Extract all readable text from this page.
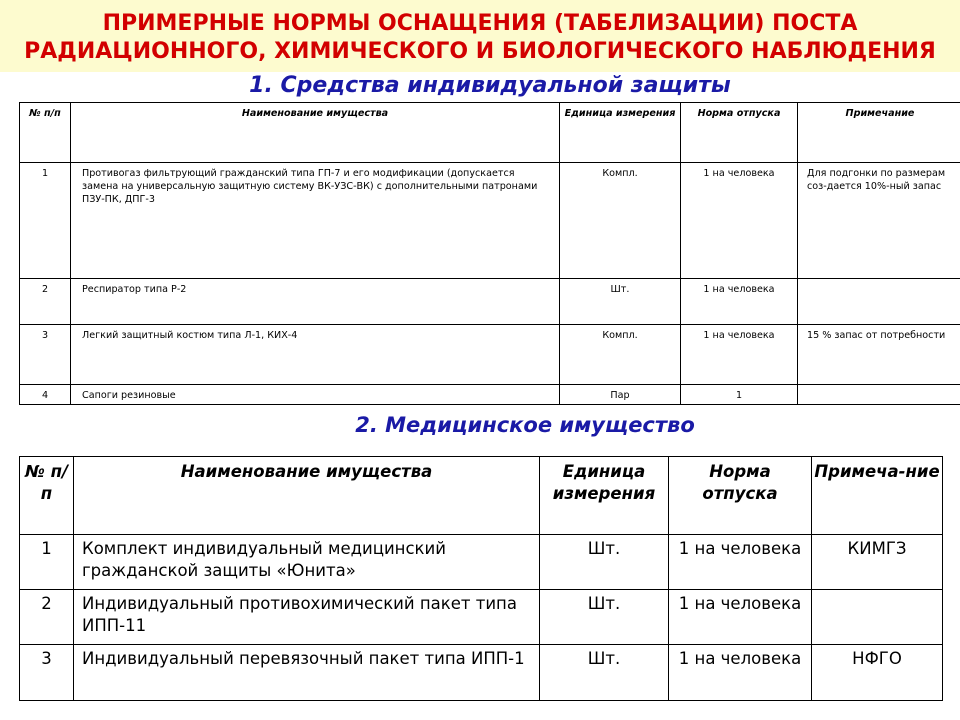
ПРИМЕРНЫЕ НОРМЫ ОСНАЩЕНИЯ (ТАБЕЛИЗАЦИИ) ПОСТА
РАДИАЦИОННОГО, ХИМИЧЕСКОГО И БИОЛОГИЧЕСКОГО НАБЛЮДЕНИЯ
1. Средства индивидуальной защиты
№ п/п	Наименование имущества	Единица измерения	Норма отпуска	Примечание
1	Противогаз фильтрующий гражданский типа ГП-7 и его модификации (допускается замена на универсальную защитную систему ВК-УЗС-ВК) с дополнительными патронами ПЗУ-ПК, ДПГ-3	Компл.	1 на человека	Для подгонки по размерам соз-дается 10%-ный запас
2	Респиратор типа Р-2	Шт.	1 на человека	
3	Легкий защитный костюм типа Л-1, КИХ-4	Компл.	1 на человека	15 % запас от потребности
4	Сапоги резиновые	Пар	1	
2. Медицинское имущество
№ п/п	Наименование имущества	Единица измерения	Норма отпуска	Примеча-ние
1	Комплект индивидуальный медицинский гражданской защиты «Юнита»	Шт.	1 на человека	КИМГЗ
2	Индивидуальный противохимический пакет типа ИПП-11	Шт.	1 на человека	
3	Индивидуальный перевязочный пакет типа ИПП-1	Шт.	1 на человека	НФГО
